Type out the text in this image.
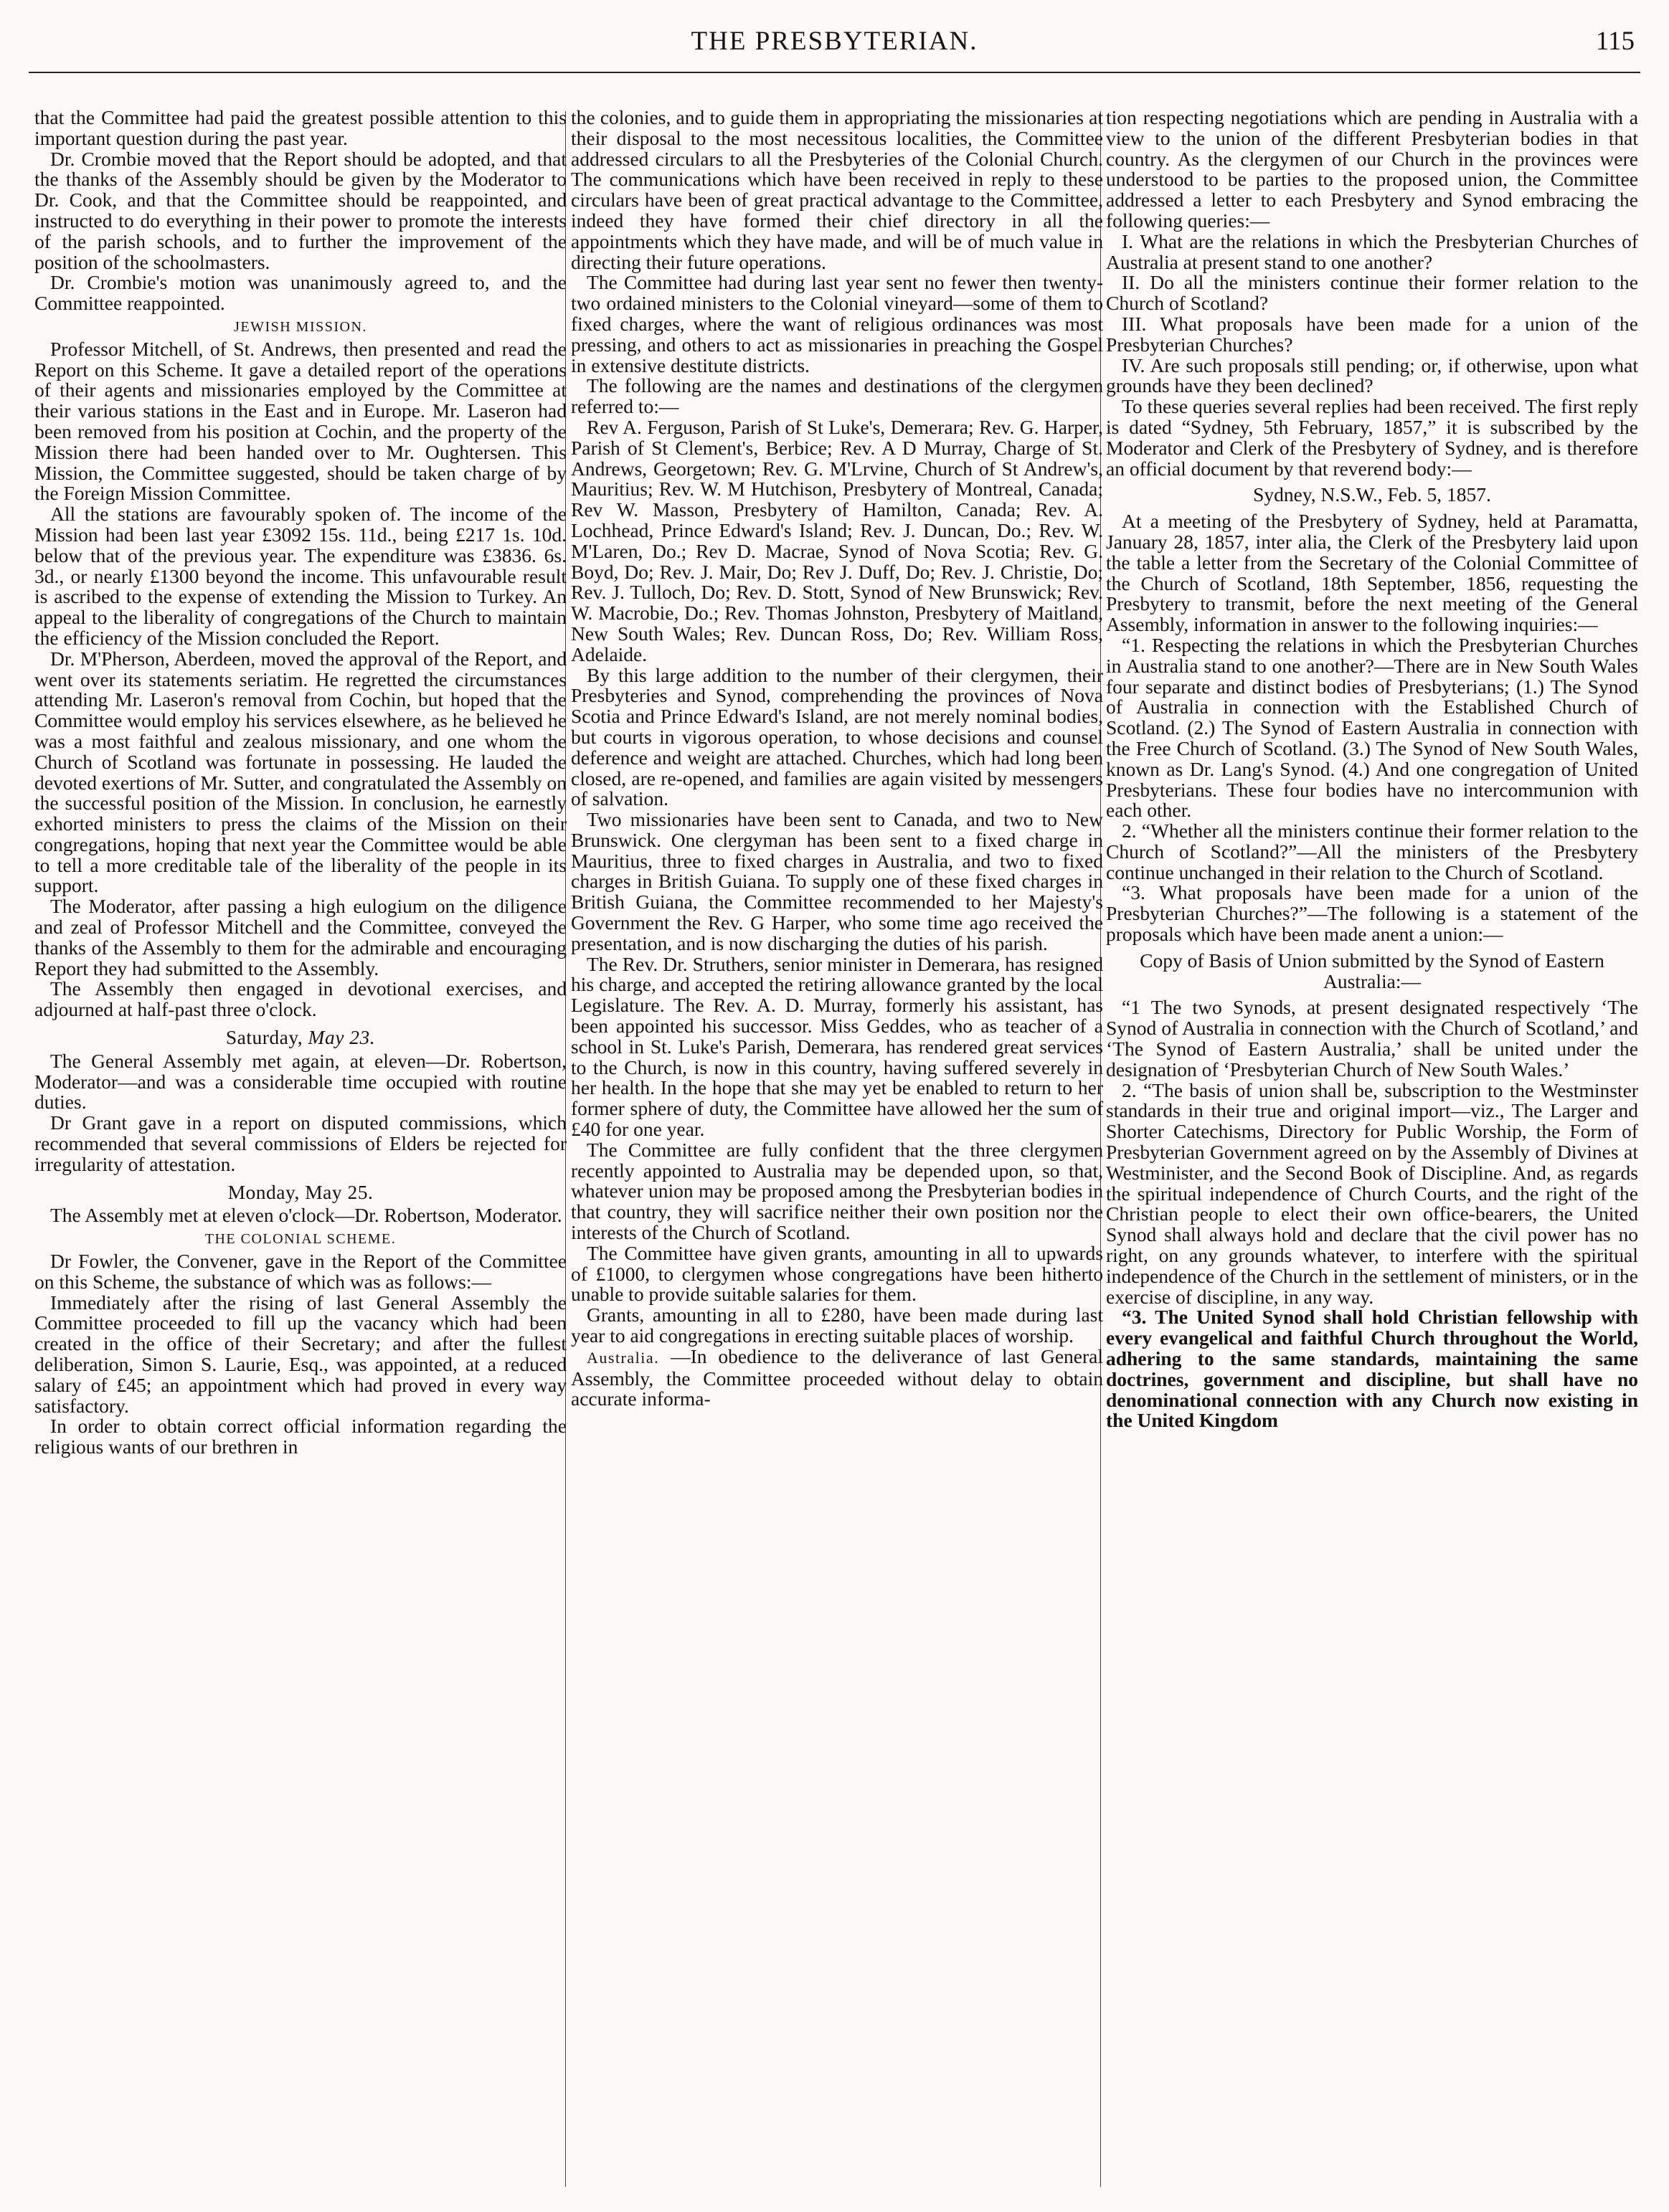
THE PRESBYTERIAN.	115

that the Committee had paid the greatest possible attention to this important question during the past year.

Dr. Crombie moved that the Report should be adopted, and that the thanks of the Assembly should be given by the Moderator to Dr. Cook, and that the Committee should be reappointed, and instructed to do everything in their power to promote the interests of the parish schools, and to further the improvement of the position of the schoolmasters.

Dr. Crombie's motion was unanimously agreed to, and the Committee reappointed.

JEWISH MISSION.

Professor Mitchell, of St. Andrews, then presented and read the Report on this Scheme. It gave a detailed report of the operations of their agents and missionaries employed by the Committee at their various stations in the East and in Europe. Mr. Laseron had been removed from his position at Cochin, and the property of the Mission there had been handed over to Mr. Oughtersen. This Mission, the Committee suggested, should be taken charge of by the Foreign Mission Committee.

All the stations are favourably spoken of. The income of the Mission had been last year £3092 15s. 11d., being £217 1s. 10d. below that of the previous year. The expenditure was £3836. 6s. 3d., or nearly £1300 beyond the income. This unfavourable result is ascribed to the expense of extending the Mission to Turkey. An appeal to the liberality of congregations of the Church to maintain the efficiency of the Mission concluded the Report.

Dr. M'Pherson, Aberdeen, moved the approval of the Report, and went over its statements seriatim. He regretted the circumstances attending Mr. Laseron's removal from Cochin, but hoped that the Committee would employ his services elsewhere, as he believed he was a most faithful and zealous missionary, and one whom the Church of Scotland was fortunate in possessing. He lauded the devoted exertions of Mr. Sutter, and congratulated the Assembly on the successful position of the Mission. In conclusion, he earnestly exhorted ministers to press the claims of the Mission on their congregations, hoping that next year the Committee would be able to tell a more creditable tale of the liberality of the people in its support.

The Moderator, after passing a high eulogium on the diligence and zeal of Professor Mitchell and the Committee, conveyed the thanks of the Assembly to them for the admirable and encouraging Report they had submitted to the Assembly.

The Assembly then engaged in devotional exercises, and adjourned at half-past three o'clock.

Saturday, May 23.

The General Assembly met again, at eleven—Dr. Robertson, Moderator—and was a considerable time occupied with routine duties.

Dr Grant gave in a report on disputed commissions, which recommended that several commissions of Elders be rejected for irregularity of attestation.

Monday, May 25.

The Assembly met at eleven o'clock—Dr. Robertson, Moderator.

THE COLONIAL SCHEME.

Dr Fowler, the Convener, gave in the Report of the Committee on this Scheme, the substance of which was as follows:—

Immediately after the rising of last General Assembly the Committee proceeded to fill up the vacancy which had been created in the office of their Secretary; and after the fullest deliberation, Simon S. Laurie, Esq., was appointed, at a reduced salary of £45; an appointment which had proved in every way satisfactory.

In order to obtain correct official information regarding the religious wants of our brethren in

the colonies, and to guide them in appropriating the missionaries at their disposal to the most necessitous localities, the Committee addressed circulars to all the Presbyteries of the Colonial Church. The communications which have been received in reply to these circulars have been of great practical advantage to the Committee, indeed they have formed their chief directory in all the appointments which they have made, and will be of much value in directing their future operations.

The Committee had during last year sent no fewer then twenty-two ordained ministers to the Colonial vineyard—some of them to fixed charges, where the want of religious ordinances was most pressing, and others to act as missionaries in preaching the Gospel in extensive destitute districts.

The following are the names and destinations of the clergymen referred to:—

Rev A. Ferguson, Parish of St Luke's, Demerara; Rev. G. Harper, Parish of St Clement's, Berbice; Rev. A D Murray, Charge of St. Andrews, Georgetown; Rev. G. M'Lrvine, Church of St Andrew's, Mauritius; Rev. W. M Hutchison, Presbytery of Montreal, Canada; Rev W. Masson, Presbytery of Hamilton, Canada; Rev. A. Lochhead, Prince Edward's Island; Rev. J. Duncan, Do.; Rev. W. M'Laren, Do.; Rev D. Macrae, Synod of Nova Scotia; Rev. G. Boyd, Do; Rev. J. Mair, Do; Rev J. Duff, Do; Rev. J. Christie, Do; Rev. J. Tulloch, Do; Rev. D. Stott, Synod of New Brunswick; Rev. W. Macrobie, Do.; Rev. Thomas Johnston, Presbytery of Maitland, New South Wales; Rev. Duncan Ross, Do; Rev. William Ross, Adelaide.

By this large addition to the number of their clergymen, their Presbyteries and Synod, comprehending the provinces of Nova Scotia and Prince Edward's Island, are not merely nominal bodies, but courts in vigorous operation, to whose decisions and counsel deference and weight are attached. Churches, which had long been closed, are re-opened, and families are again visited by messengers of salvation.

Two missionaries have been sent to Canada, and two to New Brunswick. One clergyman has been sent to a fixed charge in Mauritius, three to fixed charges in Australia, and two to fixed charges in British Guiana. To supply one of these fixed charges in British Guiana, the Committee recommended to her Majesty's Government the Rev. G Harper, who some time ago received the presentation, and is now discharging the duties of his parish.

The Rev. Dr. Struthers, senior minister in Demerara, has resigned his charge, and accepted the retiring allowance granted by the local Legislature. The Rev. A. D. Murray, formerly his assistant, has been appointed his successor. Miss Geddes, who as teacher of a school in St. Luke's Parish, Demerara, has rendered great services to the Church, is now in this country, having suffered severely in her health. In the hope that she may yet be enabled to return to her former sphere of duty, the Committee have allowed her the sum of £40 for one year.

The Committee are fully confident that the three clergymen recently appointed to Australia may be depended upon, so that, whatever union may be proposed among the Presbyterian bodies in that country, they will sacrifice neither their own position nor the interests of the Church of Scotland.

The Committee have given grants, amounting in all to upwards of £1000, to clergymen whose congregations have been hitherto unable to provide suitable salaries for them.

Grants, amounting in all to £280, have been made during last year to aid congregations in erecting suitable places of worship.

Australia. —In obedience to the deliverance of last General Assembly, the Committee proceeded without delay to obtain accurate informa-

tion respecting negotiations which are pending in Australia with a view to the union of the different Presbyterian bodies in that country. As the clergymen of our Church in the provinces were understood to be parties to the proposed union, the Committee addressed a letter to each Presbytery and Synod embracing the following queries:—

I. What are the relations in which the Presbyterian Churches of Australia at present stand to one another?

II. Do all the ministers continue their former relation to the Church of Scotland?

III. What proposals have been made for a union of the Presbyterian Churches?

IV. Are such proposals still pending; or, if otherwise, upon what grounds have they been declined?

To these queries several replies had been received. The first reply is dated “Sydney, 5th February, 1857,” it is subscribed by the Moderator and Clerk of the Presbytery of Sydney, and is therefore an official document by that reverend body:—

Sydney, N.S.W., Feb. 5, 1857.

At a meeting of the Presbytery of Sydney, held at Paramatta, January 28, 1857, inter alia, the Clerk of the Presbytery laid upon the table a letter from the Secretary of the Colonial Committee of the Church of Scotland, 18th September, 1856, requesting the Presbytery to transmit, before the next meeting of the General Assembly, information in answer to the following inquiries:—

“1. Respecting the relations in which the Presbyterian Churches in Australia stand to one another?—There are in New South Wales four separate and distinct bodies of Presbyterians; (1.) The Synod of Australia in connection with the Established Church of Scotland. (2.) The Synod of Eastern Australia in connection with the Free Church of Scotland. (3.) The Synod of New South Wales, known as Dr. Lang's Synod. (4.) And one congregation of United Presbyterians. These four bodies have no intercommunion with each other.

2. “Whether all the ministers continue their former relation to the Church of Scotland?”—All the ministers of the Presbytery continue unchanged in their relation to the Church of Scotland.

“3. What proposals have been made for a union of the Presbyterian Churches?”—The following is a statement of the proposals which have been made anent a union:—

Copy of Basis of Union submitted by the Synod of Eastern Australia:—

“1 The two Synods, at present designated respectively ‘The Synod of Australia in connection with the Church of Scotland,’ and ‘The Synod of Eastern Australia,’ shall be united under the designation of ‘Presbyterian Church of New South Wales.’

2. “The basis of union shall be, subscription to the Westminster standards in their true and original import—viz., The Larger and Shorter Catechisms, Directory for Public Worship, the Form of Presbyterian Government agreed on by the Assembly of Divines at Westminister, and the Second Book of Discipline. And, as regards the spiritual independence of Church Courts, and the right of the Christian people to elect their own office-bearers, the United Synod shall always hold and declare that the civil power has no right, on any grounds whatever, to interfere with the spiritual independence of the Church in the settlement of ministers, or in the exercise of discipline, in any way.

“3. The United Synod shall hold Christian fellowship with every evangelical and faithful Church throughout the World, adhering to the same standards, maintaining the same doctrines, government and discipline, but shall have no denominational connection with any Church now existing in the United Kingdom
